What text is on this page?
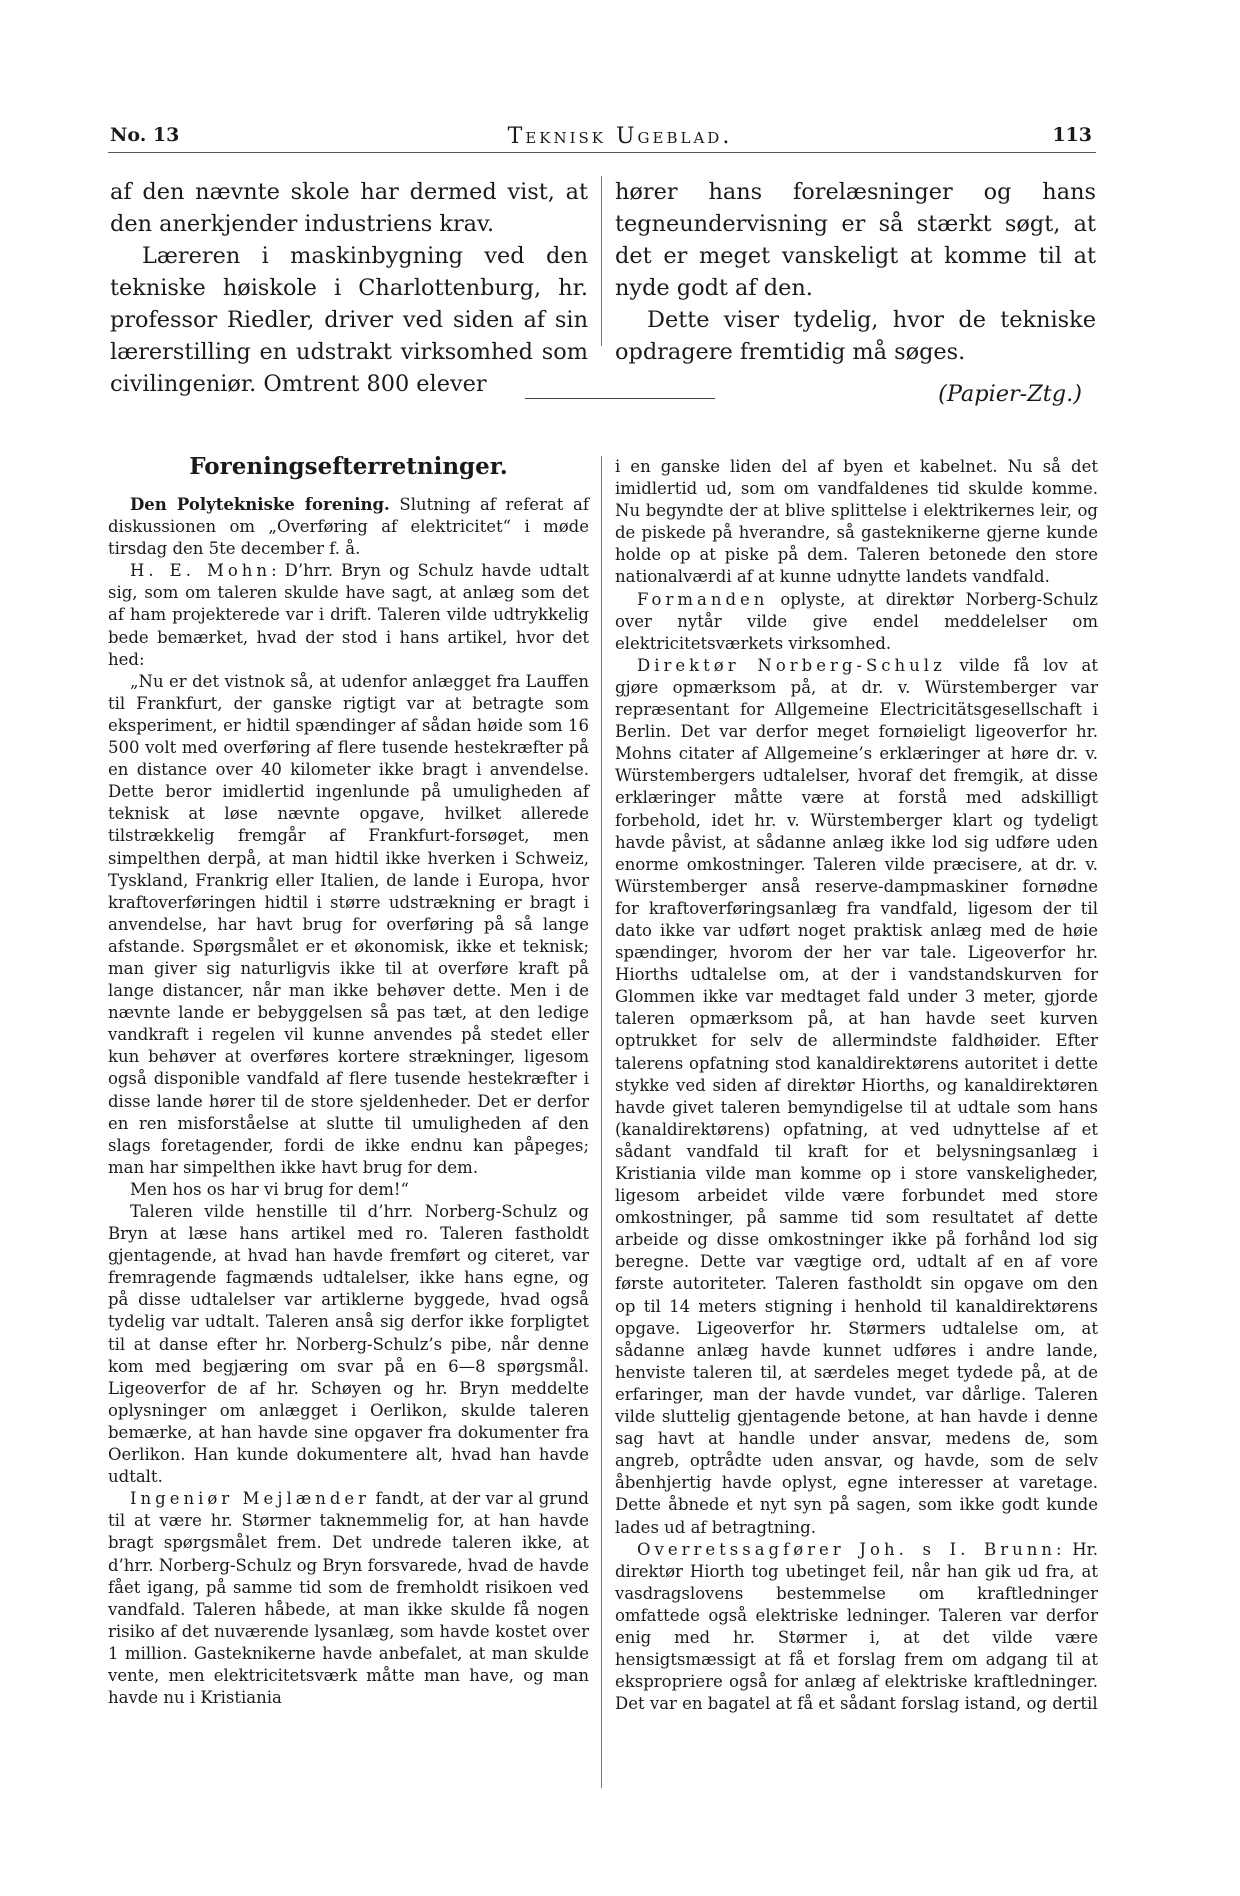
No. 13	Teknisk Ugeblad.	113

af den nævnte skole har dermed vist, at den anerkjender industriens krav.

Læreren i maskinbygning ved den tekniske høiskole i Charlottenburg, hr. professor Riedler, driver ved siden af sin lærerstilling en udstrakt virksomhed som civilingeniør. Omtrent 800 elever

hører hans forelæsninger og hans tegneundervisning er så stærkt søgt, at det er meget vanskeligt at komme til at nyde godt af den.

Dette viser tydelig, hvor de tekniske opdragere fremtidig må søges.

(Papier-Ztg.)

Foreningsefterretninger.

Den Polytekniske forening. Slutning af referat af diskussionen om „Overføring af elektricitet“ i møde tirsdag den 5te december f. å.

H. E. Mohn: D’hrr. Bryn og Schulz havde udtalt sig, som om taleren skulde have sagt, at anlæg som det af ham projekterede var i drift. Taleren vilde udtrykkelig bede bemærket, hvad der stod i hans artikel, hvor det hed:

„Nu er det vistnok så, at udenfor anlægget fra Lauffen til Frankfurt, der ganske rigtigt var at betragte som eksperiment, er hidtil spændinger af sådan høide som 16 500 volt med overføring af flere tusende hestekræfter på en distance over 40 kilometer ikke bragt i anvendelse. Dette beror imidlertid ingenlunde på umuligheden af teknisk at løse nævnte opgave, hvilket allerede tilstrækkelig fremgår af Frankfurt-forsøget, men simpelthen derpå, at man hidtil ikke hverken i Schweiz, Tyskland, Frankrig eller Italien, de lande i Europa, hvor kraftoverføringen hidtil i større udstrækning er bragt i anvendelse, har havt brug for overføring på så lange afstande. Spørgsmålet er et økonomisk, ikke et teknisk; man giver sig naturligvis ikke til at overføre kraft på lange distancer, når man ikke behøver dette. Men i de nævnte lande er bebyggelsen så pas tæt, at den ledige vandkraft i regelen vil kunne anvendes på stedet eller kun behøver at overføres kortere strækninger, ligesom også disponible vandfald af flere tusende hestekræfter i disse lande hører til de store sjeldenheder. Det er derfor en ren misforståelse at slutte til umuligheden af den slags foretagender, fordi de ikke endnu kan påpeges; man har simpelthen ikke havt brug for dem.

Men hos os har vi brug for dem!“

Taleren vilde henstille til d’hrr. Norberg-Schulz og Bryn at læse hans artikel med ro. Taleren fastholdt gjentagende, at hvad han havde fremført og citeret, var fremragende fagmænds udtalelser, ikke hans egne, og på disse udtalelser var artiklerne byggede, hvad også tydelig var udtalt. Taleren anså sig derfor ikke forpligtet til at danse efter hr. Norberg-Schulz’s pibe, når denne kom med begjæring om svar på en 6—8 spørgsmål. Ligeoverfor de af hr. Schøyen og hr. Bryn meddelte oplysninger om anlægget i Oerlikon, skulde taleren bemærke, at han havde sine opgaver fra dokumenter fra Oerlikon. Han kunde dokumentere alt, hvad han havde udtalt.

Ingeniør Mejlænder fandt, at der var al grund til at være hr. Størmer taknemmelig for, at han havde bragt spørgsmålet frem. Det undrede taleren ikke, at d’hrr. Norberg-Schulz og Bryn forsvarede, hvad de havde fået igang, på samme tid som de fremholdt risikoen ved vandfald. Taleren håbede, at man ikke skulde få nogen risiko af det nuværende lysanlæg, som havde kostet over 1 million. Gasteknikerne havde anbefalet, at man skulde vente, men elektricitetsværk måtte man have, og man havde nu i Kristiania

i en ganske liden del af byen et kabelnet. Nu så det imidlertid ud, som om vandfaldenes tid skulde komme. Nu begyndte der at blive splittelse i elektrikernes leir, og de piskede på hverandre, så gasteknikerne gjerne kunde holde op at piske på dem. Taleren betonede den store nationalværdi af at kunne udnytte landets vandfald.

Formanden oplyste, at direktør Norberg-Schulz over nytår vilde give endel meddelelser om elektricitetsværkets virksomhed.

Direktør Norberg-Schulz vilde få lov at gjøre opmærksom på, at dr. v. Würstemberger var repræsentant for Allgemeine Electricitätsgesellschaft i Berlin. Det var derfor meget fornøieligt ligeoverfor hr. Mohns citater af Allgemeine’s erklæringer at høre dr. v. Würstembergers udtalelser, hvoraf det fremgik, at disse erklæringer måtte være at forstå med adskilligt forbehold, idet hr. v. Würstemberger klart og tydeligt havde påvist, at sådanne anlæg ikke lod sig udføre uden enorme omkostninger. Taleren vilde præcisere, at dr. v. Würstemberger anså reserve-dampmaskiner fornødne for kraftoverføringsanlæg fra vandfald, ligesom der til dato ikke var udført noget praktisk anlæg med de høie spændinger, hvorom der her var tale. Ligeoverfor hr. Hiorths udtalelse om, at der i vandstandskurven for Glommen ikke var medtaget fald under 3 meter, gjorde taleren opmærksom på, at han havde seet kurven optrukket for selv de allermindste faldhøider. Efter talerens opfatning stod kanaldirektørens autoritet i dette stykke ved siden af direktør Hiorths, og kanaldirektøren havde givet taleren bemyndigelse til at udtale som hans (kanaldirektørens) opfatning, at ved udnyttelse af et sådant vandfald til kraft for et belysningsanlæg i Kristiania vilde man komme op i store vanskeligheder, ligesom arbeidet vilde være forbundet med store omkostninger, på samme tid som resultatet af dette arbeide og disse omkostninger ikke på forhånd lod sig beregne. Dette var vægtige ord, udtalt af en af vore første autoriteter. Taleren fastholdt sin opgave om den op til 14 meters stigning i henhold til kanaldirektørens opgave. Ligeoverfor hr. Størmers udtalelse om, at sådanne anlæg havde kunnet udføres i andre lande, henviste taleren til, at særdeles meget tydede på, at de erfaringer, man der havde vundet, var dårlige. Taleren vilde sluttelig gjentagende betone, at han havde i denne sag havt at handle under ansvar, medens de, som angreb, optrådte uden ansvar, og havde, som de selv åbenhjertig havde oplyst, egne interesser at varetage. Dette åbnede et nyt syn på sagen, som ikke godt kunde lades ud af betragtning.

Overretssagfører Joh. s I. Brunn: Hr. direktør Hiorth tog ubetinget feil, når han gik ud fra, at vasdragslovens bestemmelse om kraftledninger omfattede også elektriske ledninger. Taleren var derfor enig med hr. Størmer i, at det vilde være hensigtsmæssigt at få et forslag frem om adgang til at ekspropriere også for anlæg af elektriske kraftledninger. Det var en bagatel at få et sådant forslag istand, og dertil
